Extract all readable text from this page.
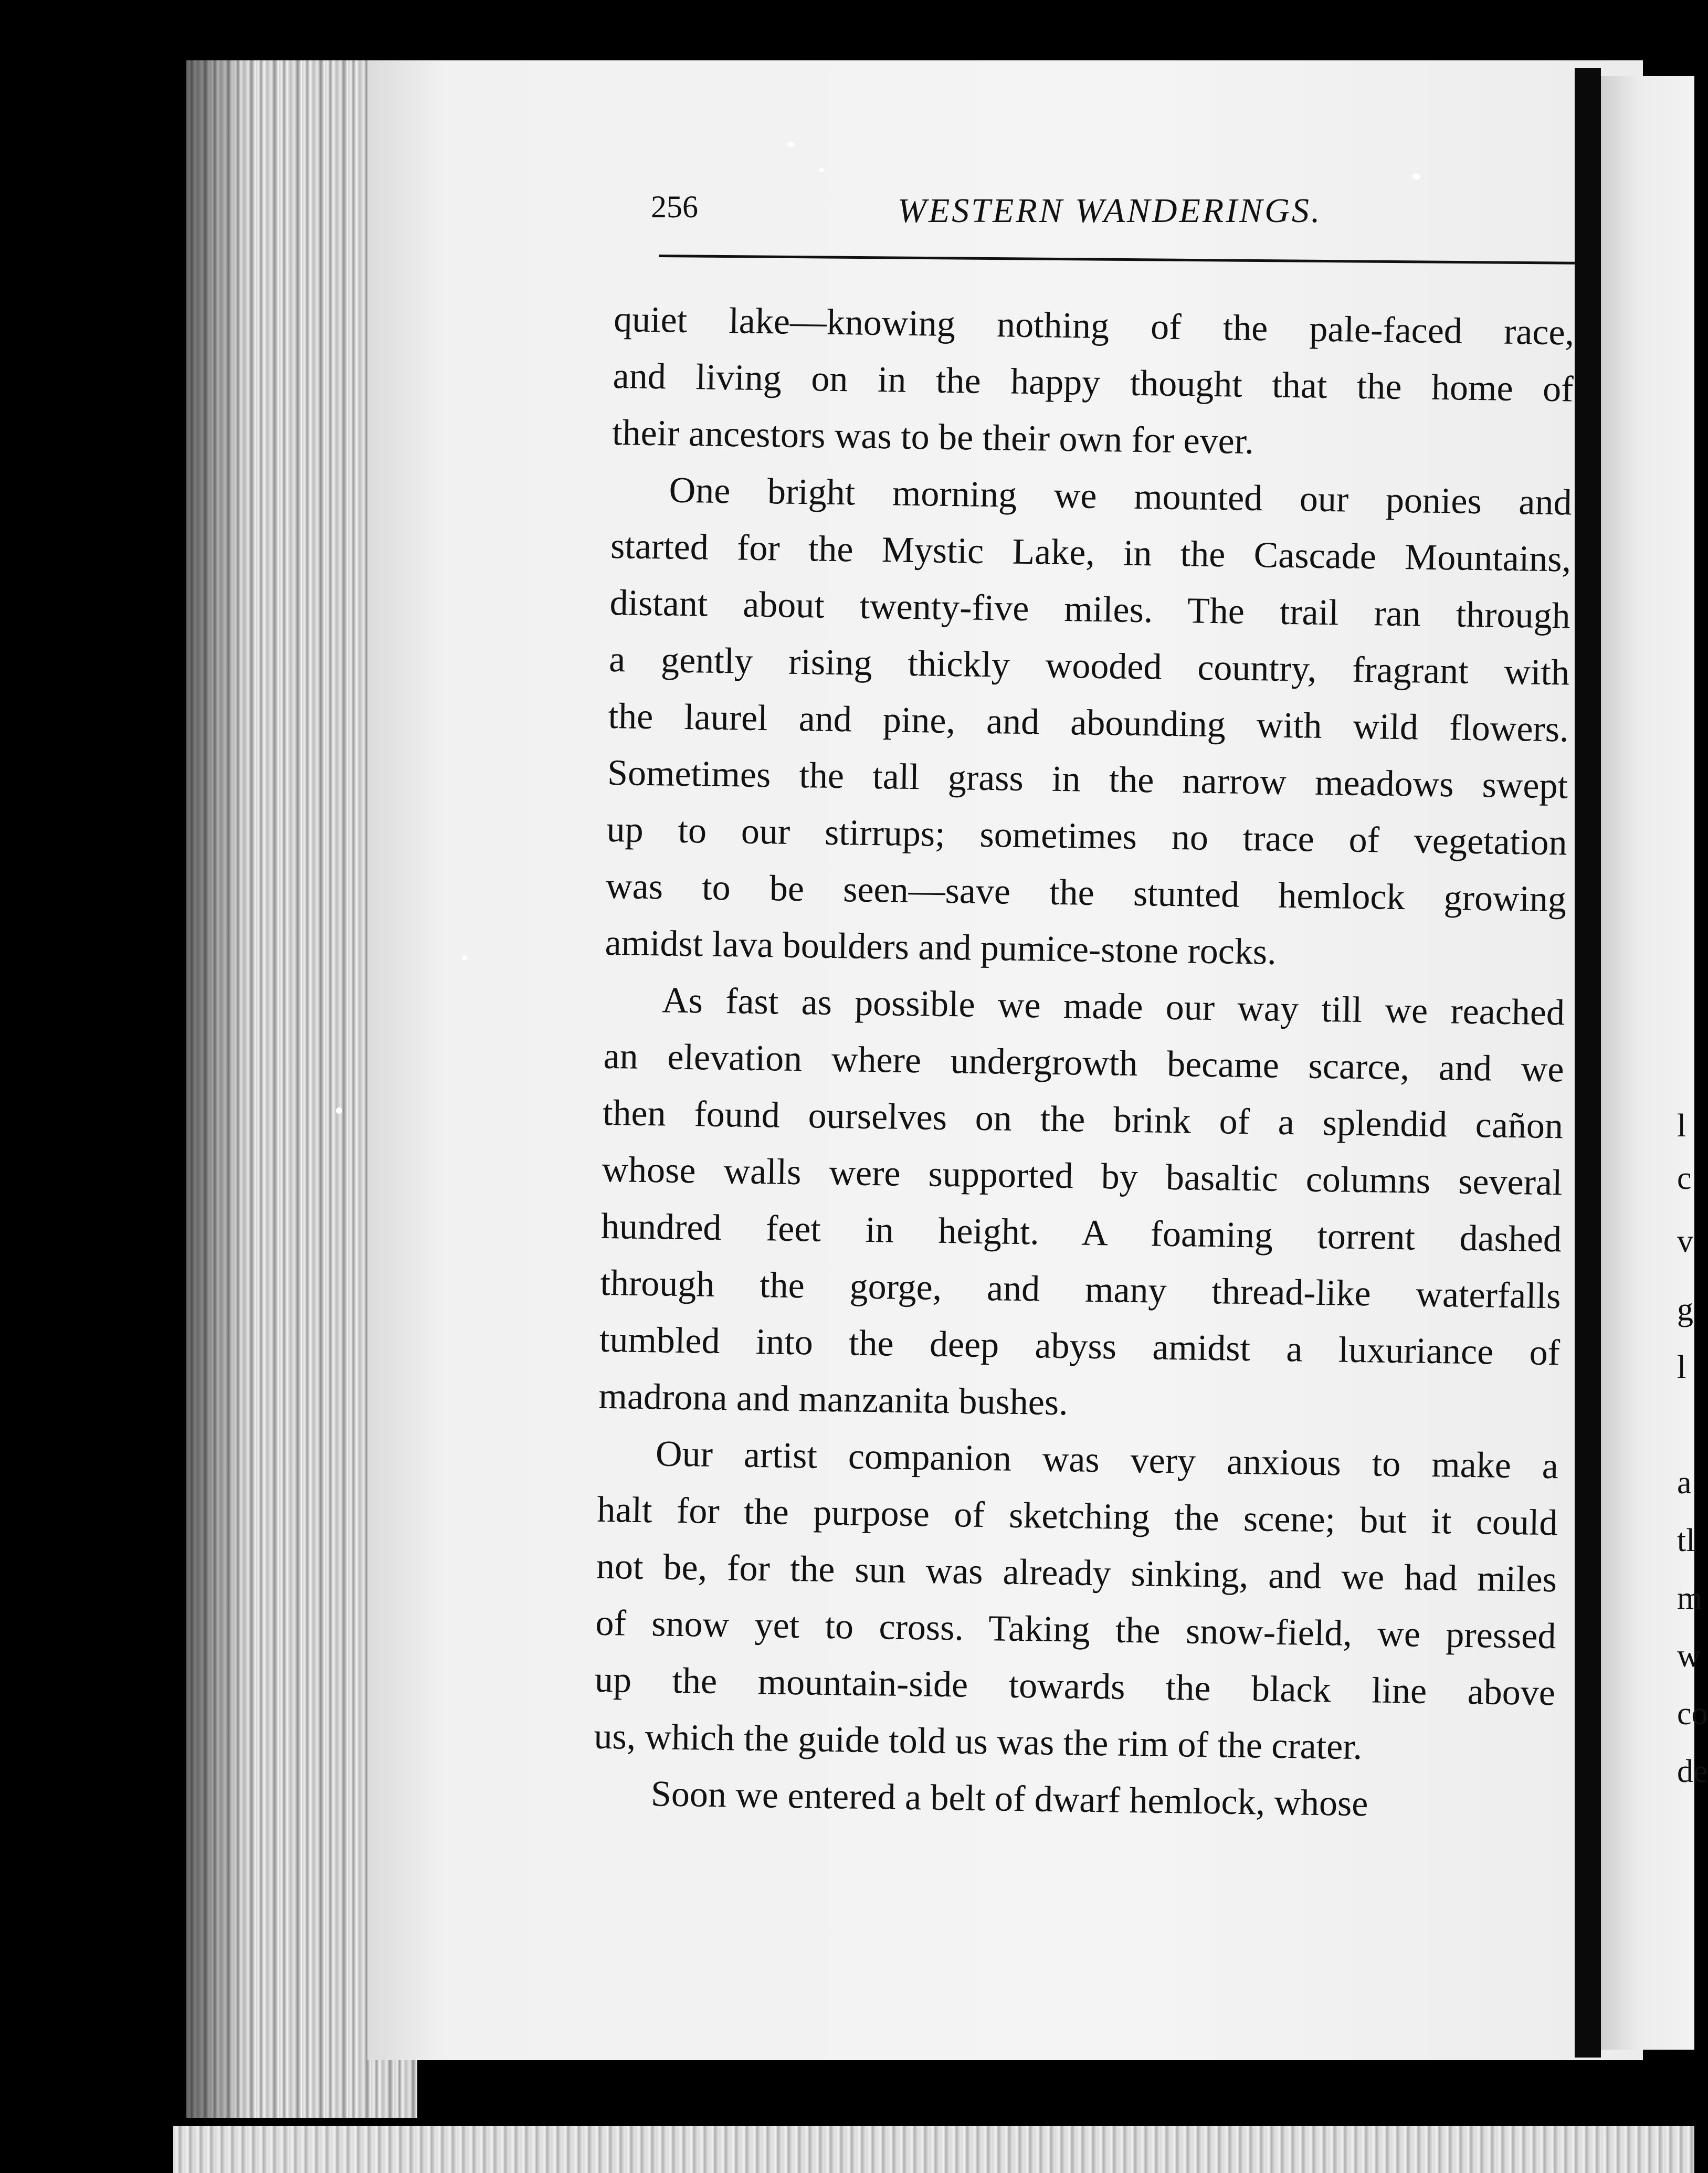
l
c
v
g
l
a
tl
m
w
co
de
256	WESTERN WANDERINGS.
quiet lake—knowing nothing of the pale-faced race,
and living on in the happy thought that the home of
their ancestors was to be their own for ever.
One bright morning we mounted our ponies and
started for the Mystic Lake, in the Cascade Mountains,
distant about twenty-five miles. The trail ran through
a gently rising thickly wooded country, fragrant with
the laurel and pine, and abounding with wild flowers.
Sometimes the tall grass in the narrow meadows swept
up to our stirrups; sometimes no trace of vegetation
was to be seen—save the stunted hemlock growing
amidst lava boulders and pumice-stone rocks.
As fast as possible we made our way till we reached
an elevation where undergrowth became scarce, and we
then found ourselves on the brink of a splendid cañon
whose walls were supported by basaltic columns several
hundred feet in height. A foaming torrent dashed
through the gorge, and many thread-like waterfalls
tumbled into the deep abyss amidst a luxuriance of
madrona and manzanita bushes.
Our artist companion was very anxious to make a
halt for the purpose of sketching the scene; but it could
not be, for the sun was already sinking, and we had miles
of snow yet to cross. Taking the snow-field, we pressed
up the mountain-side towards the black line above
us, which the guide told us was the rim of the crater.
Soon we entered a belt of dwarf hemlock, whose
